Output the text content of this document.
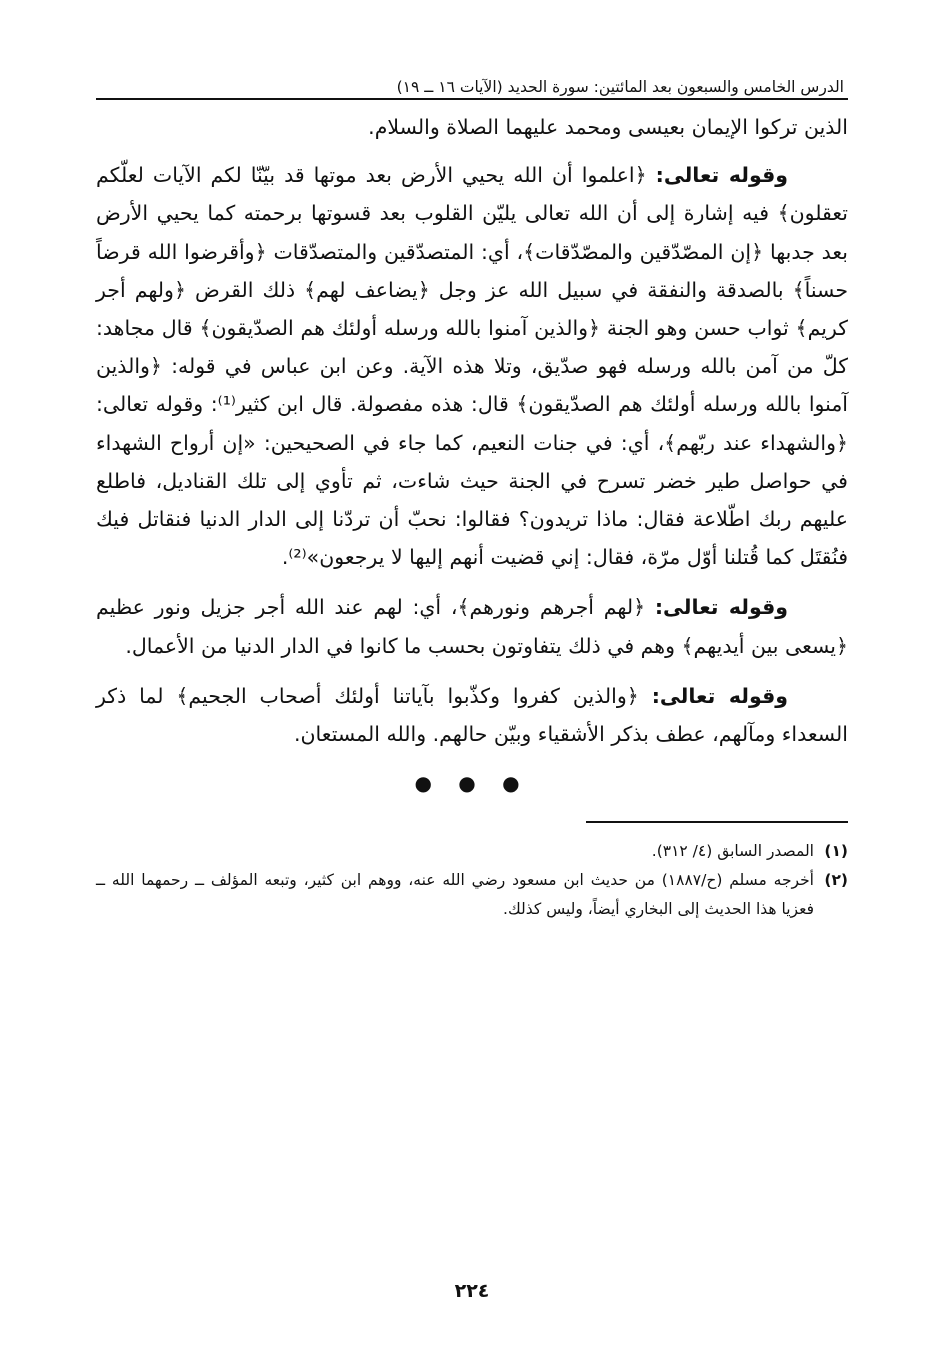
الدرس الخامس والسبعون بعد المائتين: سورة الحديد (الآيات ١٦ ــ ١٩)

الذين تركوا الإيمان بعيسى ومحمد عليهما الصلاة والسلام.

وقوله تعالى: ﴿اعلموا أن الله يحيي الأرض بعد موتها قد بيّنّا لكم الآيات لعلّكم تعقلون﴾ فيه إشارة إلى أن الله تعالى يليّن القلوب بعد قسوتها برحمته كما يحيي الأرض بعد جدبها ﴿إن المصّدّقين والمصّدّقات﴾، أي: المتصدّقين والمتصدّقات ﴿وأقرضوا الله قرضاً حسناً﴾ بالصدقة والنفقة في سبيل الله عز وجل ﴿يضاعف لهم﴾ ذلك القرض ﴿ولهم أجر كريم﴾ ثواب حسن وهو الجنة ﴿والذين آمنوا بالله ورسله أولئك هم الصدّيقون﴾ قال مجاهد: كلّ من آمن بالله ورسله فهو صدّيق، وتلا هذه الآية. وعن ابن عباس في قوله: ﴿والذين آمنوا بالله ورسله أولئك هم الصدّيقون﴾ قال: هذه مفصولة. قال ابن كثير⁽¹⁾: وقوله تعالى: ﴿والشهداء عند ربّهم﴾، أي: في جنات النعيم، كما جاء في الصحيحين: «إن أرواح الشهداء في حواصل طير خضر تسرح في الجنة حيث شاءت، ثم تأوي إلى تلك القناديل، فاطلع عليهم ربك اطّلاعة فقال: ماذا تريدون؟ فقالوا: نحبّ أن تردّنا إلى الدار الدنيا فنقاتل فيك فنُقتَل كما قُتلنا أوّل مرّة، فقال: إني قضيت أنهم إليها لا يرجعون»⁽²⁾.

وقوله تعالى: ﴿لهم أجرهم ونورهم﴾، أي: لهم عند الله أجر جزيل ونور عظيم ﴿يسعى بين أيديهم﴾ وهم في ذلك يتفاوتون بحسب ما كانوا في الدار الدنيا من الأعمال.

وقوله تعالى: ﴿والذين كفروا وكذّبوا بآياتنا أولئك أصحاب الجحيم﴾ لما ذكر السعداء ومآلهم، عطف بذكر الأشقياء وبيّن حالهم. والله المستعان.

● ● ●
(١)
المصدر السابق (٤/ ٣١٢).
(٢)
أخرجه مسلم (ح/١٨٨٧) من حديث ابن مسعود رضي الله عنه، ووهم ابن كثير، وتبعه المؤلف ــ رحمهما الله ــ فعزيا هذا الحديث إلى البخاري أيضاً، وليس كذلك.
٢٢٤
